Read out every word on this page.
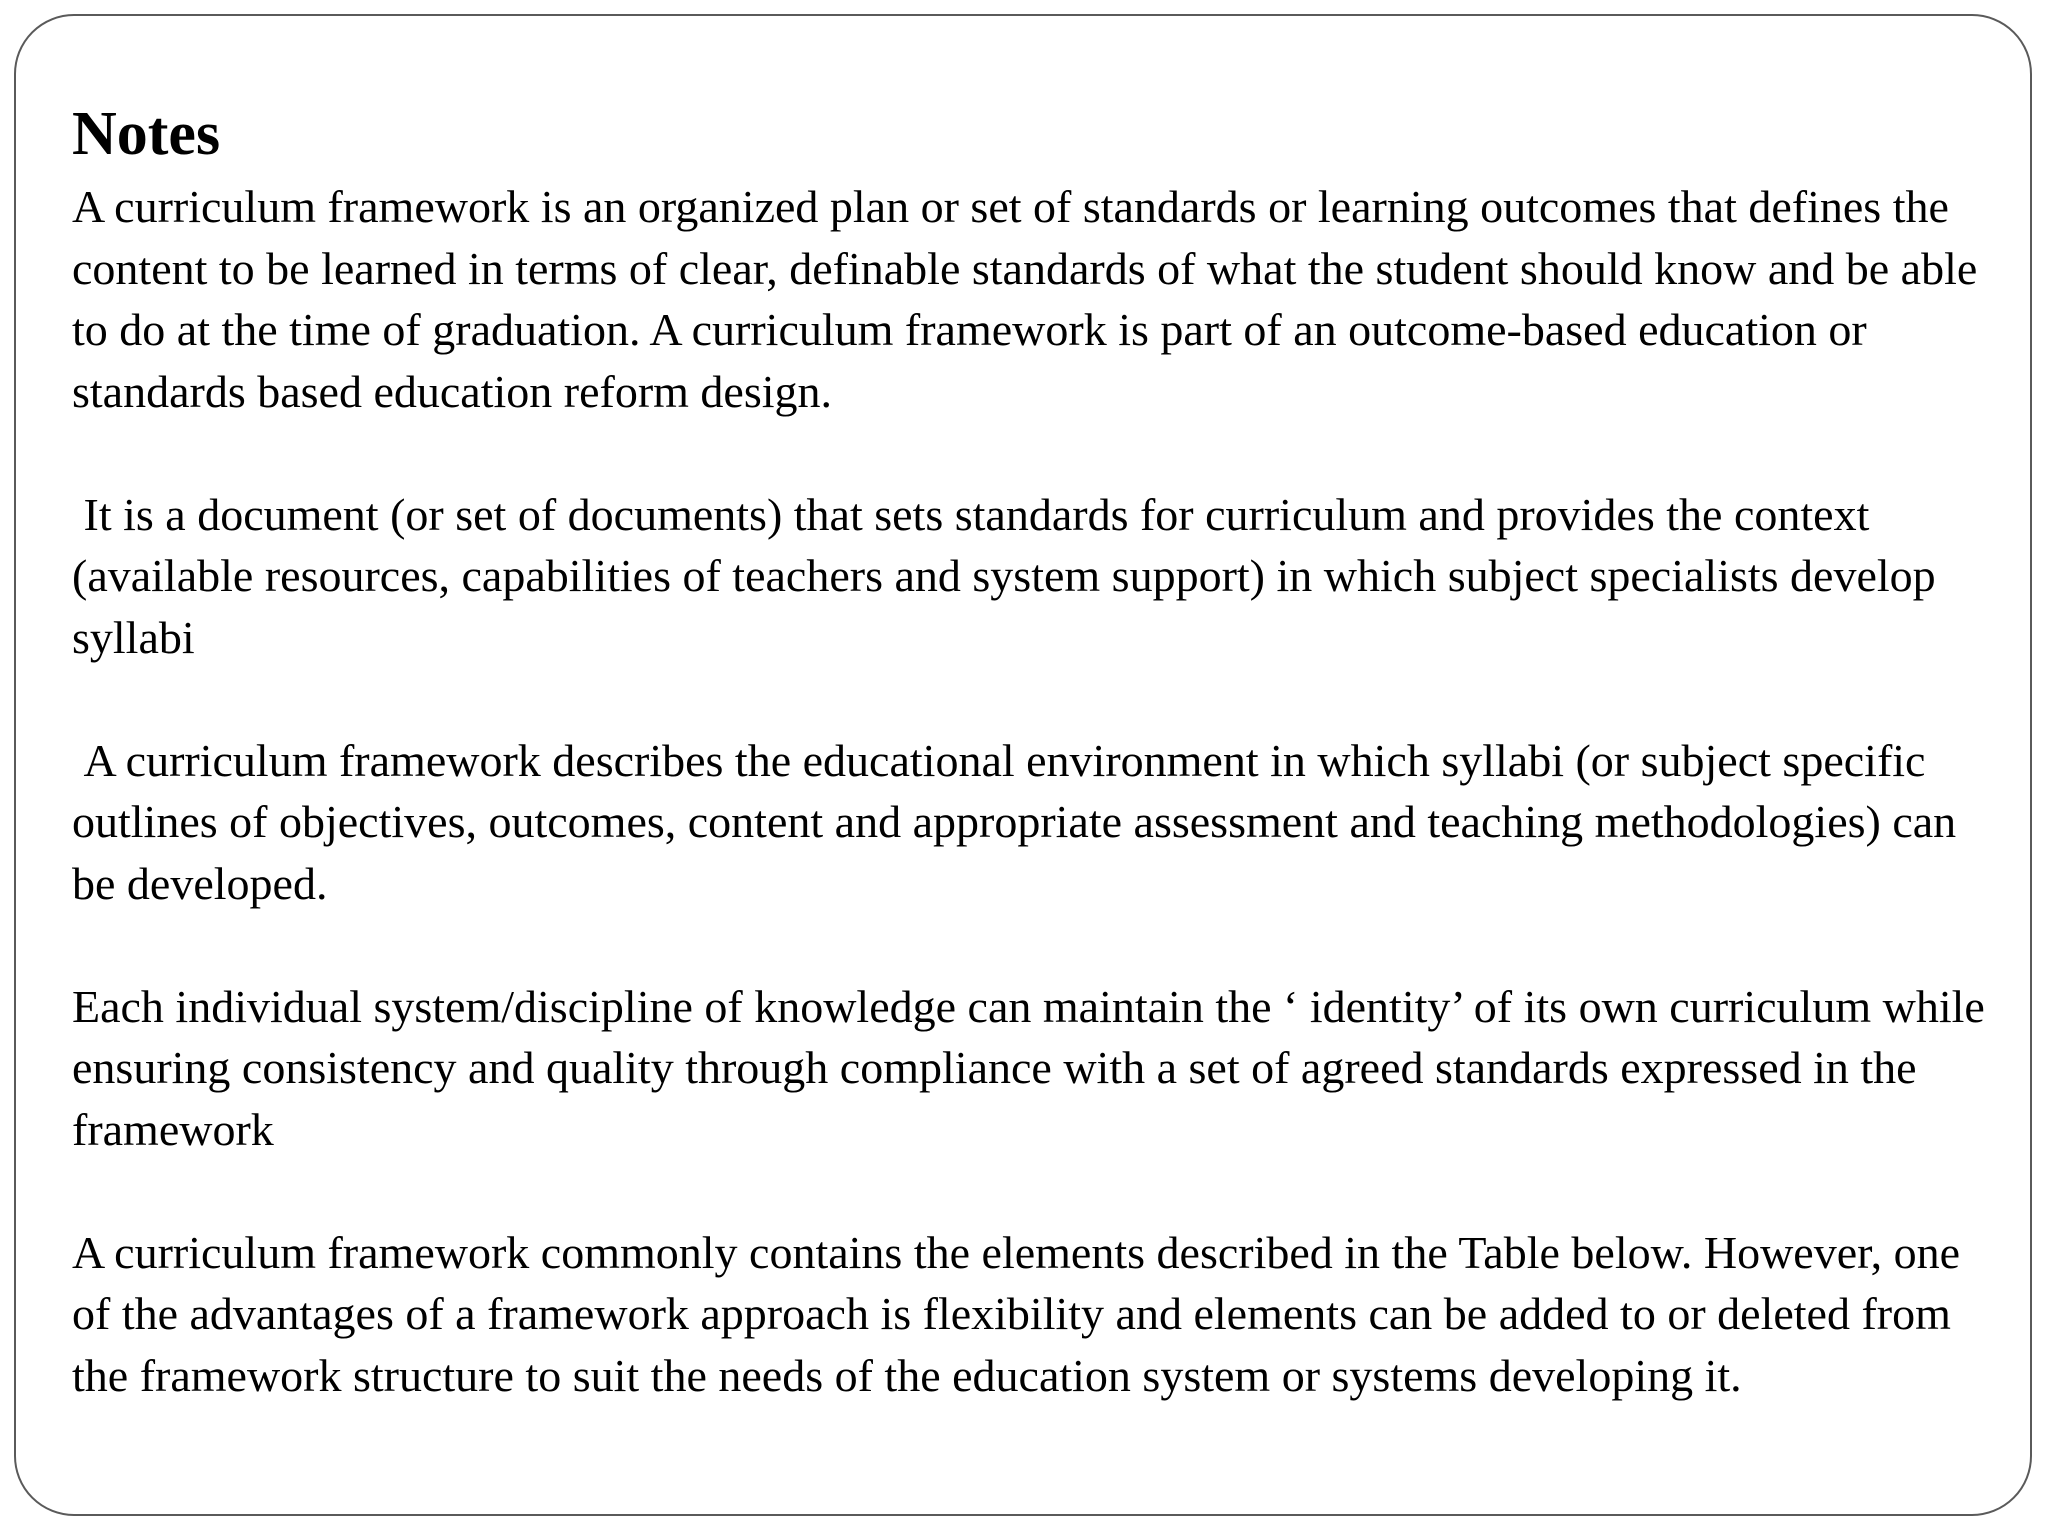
Notes

A curriculum framework is an organized plan or set of standards or learning outcomes that defines the content to be learned in terms of clear, definable standards of what the student should know and be able to do at the time of graduation. A curriculum framework is part of an outcome-based education or standards based education reform design.

It is a document (or set of documents) that sets standards for curriculum and provides the context (available resources, capabilities of teachers and system support) in which subject specialists develop syllabi

A curriculum framework describes the educational environment in which syllabi (or subject specific outlines of objectives, outcomes, content and appropriate assessment and teaching methodologies) can be developed.

Each individual system/discipline of knowledge can maintain the ‘ identity’ of its own curriculum while ensuring consistency and quality through compliance with a set of agreed standards expressed in the framework

A curriculum framework commonly contains the elements described in the Table below. However, one of the advantages of a framework approach is flexibility and elements can be added to or deleted from the framework structure to suit the needs of the education system or systems developing it.
